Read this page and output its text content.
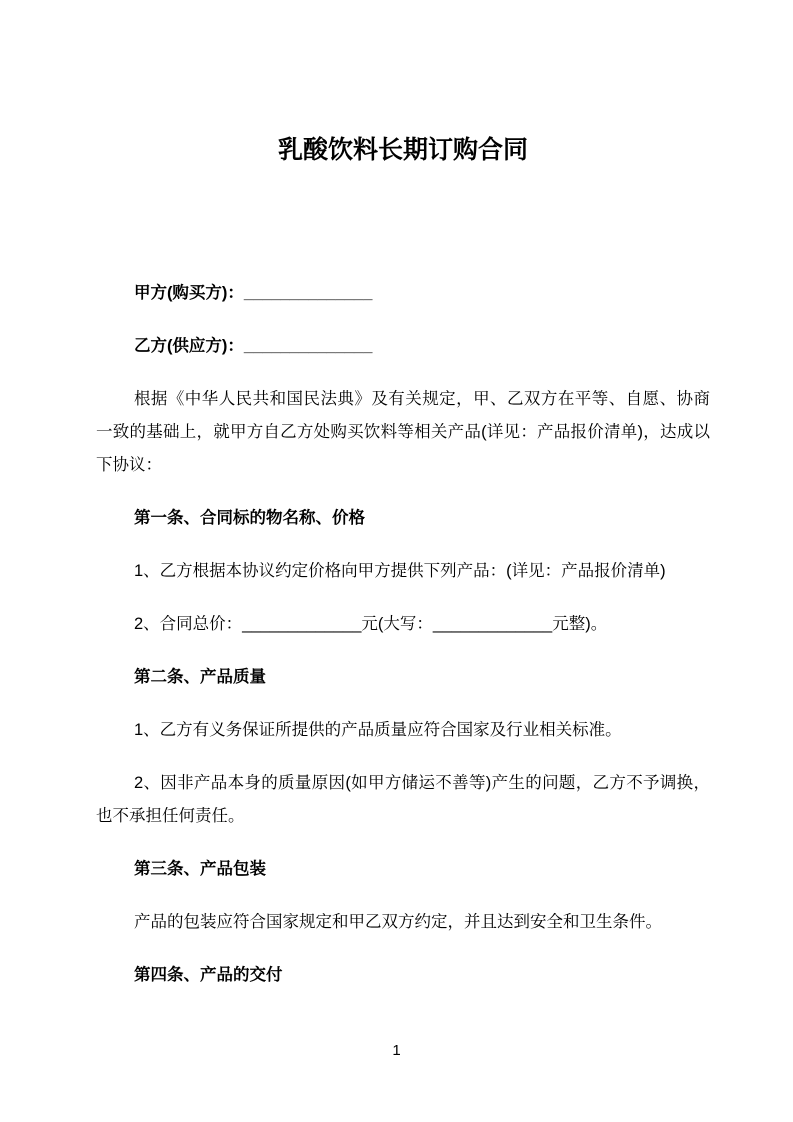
乳酸饮料长期订购合同

甲方(购买方)：______________

乙方(供应方)：______________

根据《中华人民共和国民法典》及有关规定，甲、乙双方在平等、自愿、协商一致的基础上，就甲方自乙方处购买饮料等相关产品(详见：产品报价清单)，达成以下协议：

第一条、合同标的物名称、价格

1、乙方根据本协议约定价格向甲方提供下列产品：(详见：产品报价清单)

2、合同总价：_____________元(大写：_____________元整)。

第二条、产品质量

1、乙方有义务保证所提供的产品质量应符合国家及行业相关标准。

2、因非产品本身的质量原因(如甲方储运不善等)产生的问题，乙方不予调换，也不承担任何责任。

第三条、产品包装

产品的包装应符合国家规定和甲乙双方约定，并且达到安全和卫生条件。

第四条、产品的交付

1
